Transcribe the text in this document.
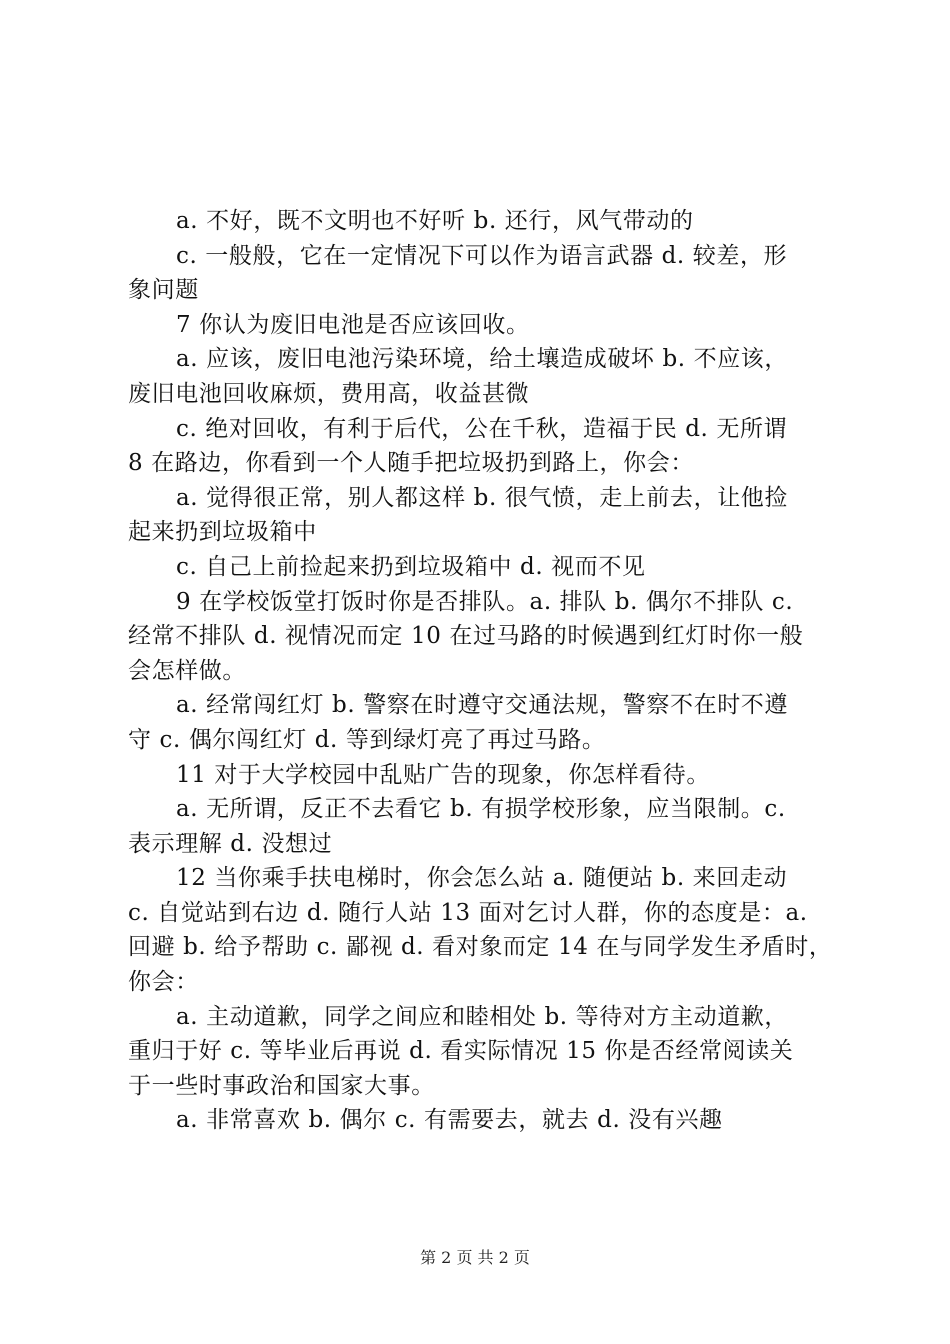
a. 不好，既不文明也不好听 b. 还行，风气带动的
c. 一般般，它在一定情况下可以作为语言武器 d. 较差，形
象问题
7 你认为废旧电池是否应该回收。
a. 应该，废旧电池污染环境，给土壤造成破坏 b. 不应该，
废旧电池回收麻烦，费用高，收益甚微
c. 绝对回收，有利于后代，公在千秋，造福于民 d. 无所谓
8 在路边，你看到一个人随手把垃圾扔到路上，你会：
a. 觉得很正常，别人都这样 b. 很气愤，走上前去，让他捡
起来扔到垃圾箱中
c. 自己上前捡起来扔到垃圾箱中 d. 视而不见
9 在学校饭堂打饭时你是否排队。a. 排队 b. 偶尔不排队 c.
经常不排队 d. 视情况而定 10 在过马路的时候遇到红灯时你一般
会怎样做。
a. 经常闯红灯 b. 警察在时遵守交通法规，警察不在时不遵
守 c. 偶尔闯红灯 d. 等到绿灯亮了再过马路。
11 对于大学校园中乱贴广告的现象，你怎样看待。
a. 无所谓，反正不去看它 b. 有损学校形象，应当限制。c.
表示理解 d. 没想过
12 当你乘手扶电梯时，你会怎么站 a. 随便站 b. 来回走动
c. 自觉站到右边 d. 随行人站 13 面对乞讨人群，你的态度是：a.
回避 b. 给予帮助 c. 鄙视 d. 看对象而定 14 在与同学发生矛盾时，
你会：
a. 主动道歉，同学之间应和睦相处 b. 等待对方主动道歉，
重归于好 c. 等毕业后再说 d. 看实际情况 15 你是否经常阅读关
于一些时事政治和国家大事。
a. 非常喜欢 b. 偶尔 c. 有需要去，就去 d. 没有兴趣
第 2 页 共 2 页
